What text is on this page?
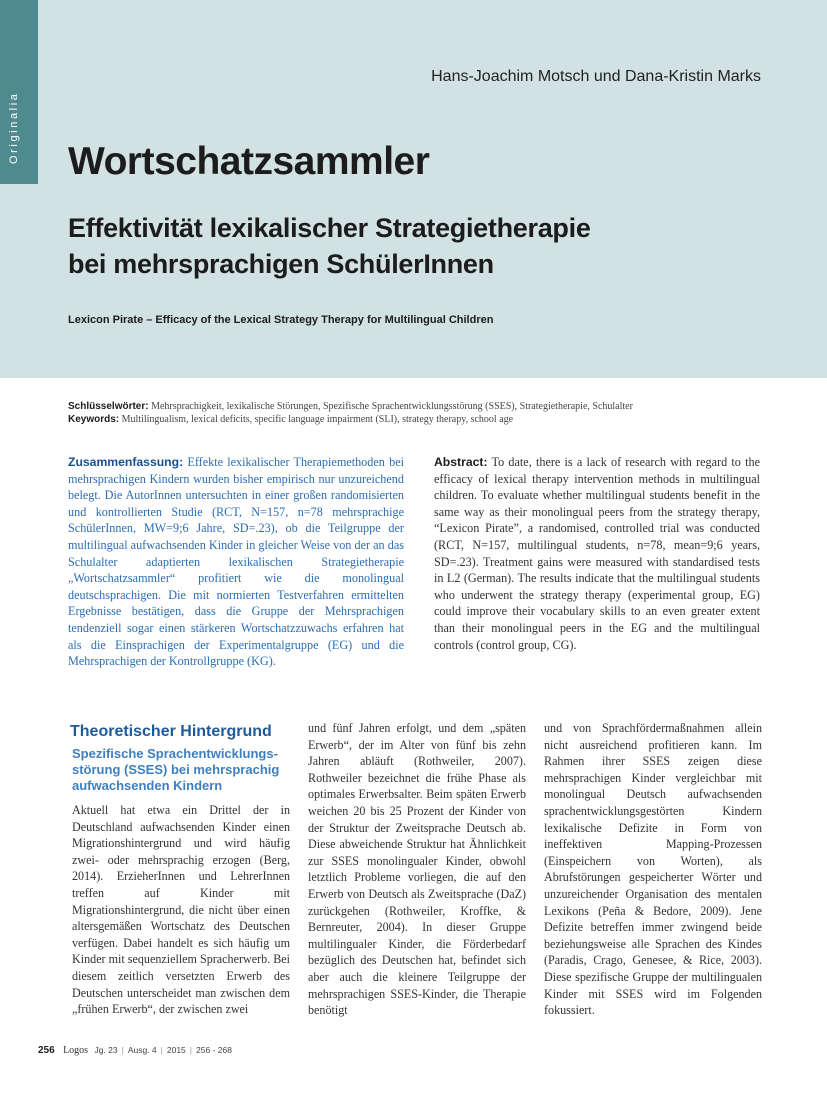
Originalia
Hans-Joachim Motsch und Dana-Kristin Marks
Wortschatzsammler
Effektivität lexikalischer Strategietherapie
bei mehrsprachigen SchülerInnen
Lexicon Pirate – Efficacy of the Lexical Strategy Therapy for Multilingual Children
Schlüsselwörter: Mehrsprachigkeit, lexikalische Störungen, Spezifische Sprachentwicklungsstörung (SSES), Strategietherapie, Schulalter
Keywords: Multilingualism, lexical deficits, specific language impairment (SLI), strategy therapy, school age
Zusammenfassung: Effekte lexikalischer Therapiemethoden bei mehrsprachigen Kindern wurden bisher empirisch nur unzureichend belegt. Die AutorInnen untersuchten in einer großen randomisierten und kontrollierten Studie (RCT, N=157, n=78 mehrsprachige SchülerInnen, MW=9;6 Jahre, SD=.23), ob die Teilgruppe der multilingual aufwachsenden Kinder in gleicher Weise von der an das Schulalter adaptierten lexikalischen Strategietherapie „Wortschatzsammler“ profitiert wie die monolingual deutschsprachigen. Die mit normierten Testverfahren ermittelten Ergebnisse bestätigen, dass die Gruppe der Mehrsprachigen tendenziell sogar einen stärkeren Wortschatzzuwachs erfahren hat als die Einsprachigen der Experimentalgruppe (EG) und die Mehrsprachigen der Kontrollgruppe (KG).
Abstract: To date, there is a lack of research with regard to the efficacy of lexical therapy intervention methods in multilingual children. To evaluate whether multilingual students benefit in the same way as their monolingual peers from the strategy therapy, “Lexicon Pirate”, a randomised, controlled trial was conducted (RCT, N=157, multilingual students, n=78, mean=9;6 years, SD=.23). Treatment gains were measured with standardised tests in L2 (German). The results indicate that the multilingual students who underwent the strategy therapy (experimental group, EG) could improve their vocabulary skills to an even greater extent than their monolingual peers in the EG and the multilingual controls (control group, CG).
Theoretischer Hintergrund
Spezifische Sprachentwicklungsstörung (SSES) bei mehrsprachig aufwachsenden Kindern
Aktuell hat etwa ein Drittel der in Deutschland aufwachsenden Kinder einen Migrationshintergrund und wird häufig zwei- oder mehrsprachig erzogen (Berg, 2014). ErzieherInnen und LehrerInnen treffen auf Kinder mit Migrationshintergrund, die nicht über einen altersgemäßen Wortschatz des Deutschen verfügen. Dabei handelt es sich häufig um Kinder mit sequenziellem Spracherwerb. Bei diesem zeitlich versetzten Erwerb des Deutschen unterscheidet man zwischen dem „frühen Erwerb“, der zwischen zwei
und fünf Jahren erfolgt, und dem „späten Erwerb“, der im Alter von fünf bis zehn Jahren abläuft (Rothweiler, 2007). Rothweiler bezeichnet die frühe Phase als optimales Erwerbsalter. Beim späten Erwerb weichen 20 bis 25 Prozent der Kinder von der Struktur der Zweitsprache Deutsch ab. Diese abweichende Struktur hat Ähnlichkeit zur SSES monolingualer Kinder, obwohl letztlich Probleme vorliegen, die auf den Erwerb von Deutsch als Zweitsprache (DaZ) zurückgehen (Rothweiler, Kroffke, & Bernreuter, 2004). In dieser Gruppe multilingualer Kinder, die Förderbedarf bezüglich des Deutschen hat, befindet sich aber auch die kleinere Teilgruppe der mehrsprachigen SSES-Kinder, die Therapie benötigt
und von Sprachfördermaßnahmen allein nicht ausreichend profitieren kann. Im Rahmen ihrer SSES zeigen diese mehrsprachigen Kinder vergleichbar mit monolingual Deutsch aufwachsenden sprachentwicklungsgestörten Kindern lexikalische Defizite in Form von ineffektiven Mapping-Prozessen (Einspeichern von Worten), als Abrufstörungen gespeicherter Wörter und unzureichender Organisation des mentalen Lexikons (Peña & Bedore, 2009). Jene Defizite betreffen immer zwingend beide beziehungsweise alle Sprachen des Kindes (Paradis, Crago, Genesee, & Rice, 2003). Diese spezifische Gruppe der multilingualen Kinder mit SSES wird im Folgenden fokussiert.
256 Logos Jg. 23 | Ausg. 4 | 2015 | 256 - 268
